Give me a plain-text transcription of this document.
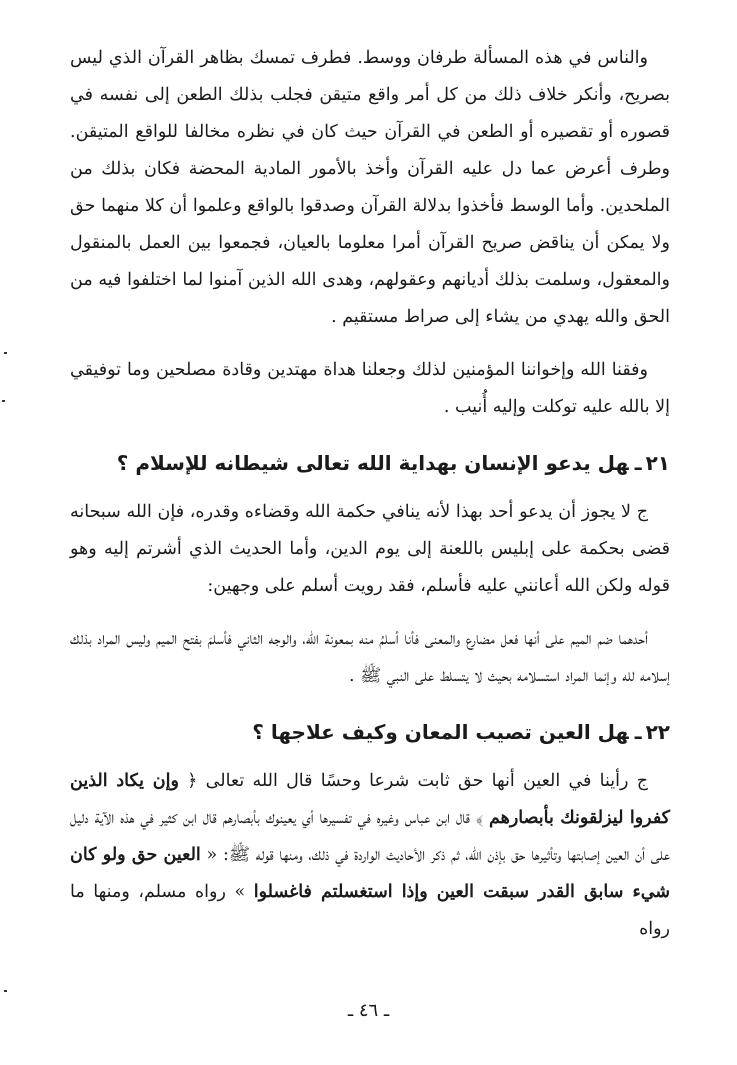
والناس في هذه المسألة طرفان ووسط. فطرف تمسك بظاهر القرآن الذي ليس بصريح، وأنكر خلاف ذلك من كل أمر واقع متيقن فجلب بذلك الطعن إلى نفسه في قصوره أو تقصيره أو الطعن في القرآن حيث كان في نظره مخالفا للواقع المتيقن. وطرف أعرض عما دل عليه القرآن وأخذ بالأمور المادية المحضة فكان بذلك من الملحدين. وأما الوسط فأخذوا بدلالة القرآن وصدقوا بالواقع وعلموا أن كلا منهما حق ولا يمكن أن يناقض صريح القرآن أمرا معلوما بالعيان، فجمعوا بين العمل بالمنقول والمعقول، وسلمت بذلك أديانهم وعقولهم، وهدى الله الذين آمنوا لما اختلفوا فيه من الحق والله يهدي من يشاء إلى صراط مستقيم .

وفقنا الله وإخواننا المؤمنين لذلك وجعلنا هداة مهتدين وقادة مصلحين وما توفيقي إلا بالله عليه توكلت وإليه أُنيب .

٢١ـهل يدعو الإنسان بهداية الله تعالى شيطانه للإسلام ؟

ج لا يجوز أن يدعو أحد بهذا لأنه ينافي حكمة الله وقضاءه وقدره، فإن الله سبحانه قضى بحكمة على إبليس باللعنة إلى يوم الدين، وأما الحديث الذي أشرتم إليه وهو قوله ولكن الله أعانني عليه فأسلم، فقد رويت أسلم على وجهين:

أحدهما ضم الميم على أنها فعل مضارع والمعنى فأنا أسلمُ منه بمعونة الله، والوجه الثاني فأسلمَ بفتح الميم وليس المراد بذلك إسلامه لله وإنما المراد استسلامه بحيث لا يتسلط على النبي ﷺ .

٢٢ـهل العين تصيب المعان وكيف علاجها ؟

ج رأينا في العين أنها حق ثابت شرعا وحسًا قال الله تعالى ﴿ وإن يكاد الذين كفروا ليزلقونك بأبصارهم ﴾ قال ابن عباس وغيره في تفسيرها أي يعينوك بأبصارهم قال ابن كثير في هذه الآية دليل على أن العين إصابتها وتأثيرها حق بإذن الله، ثم ذكر الأحاديث الواردة في ذلك، ومنها قوله ﷺ: « العين حق ولو كان شيء سابق القدر سبقت العين وإذا استغسلتم فاغسلوا » رواه مسلم، ومنها ما رواه

ـ ٤٦ ـ
